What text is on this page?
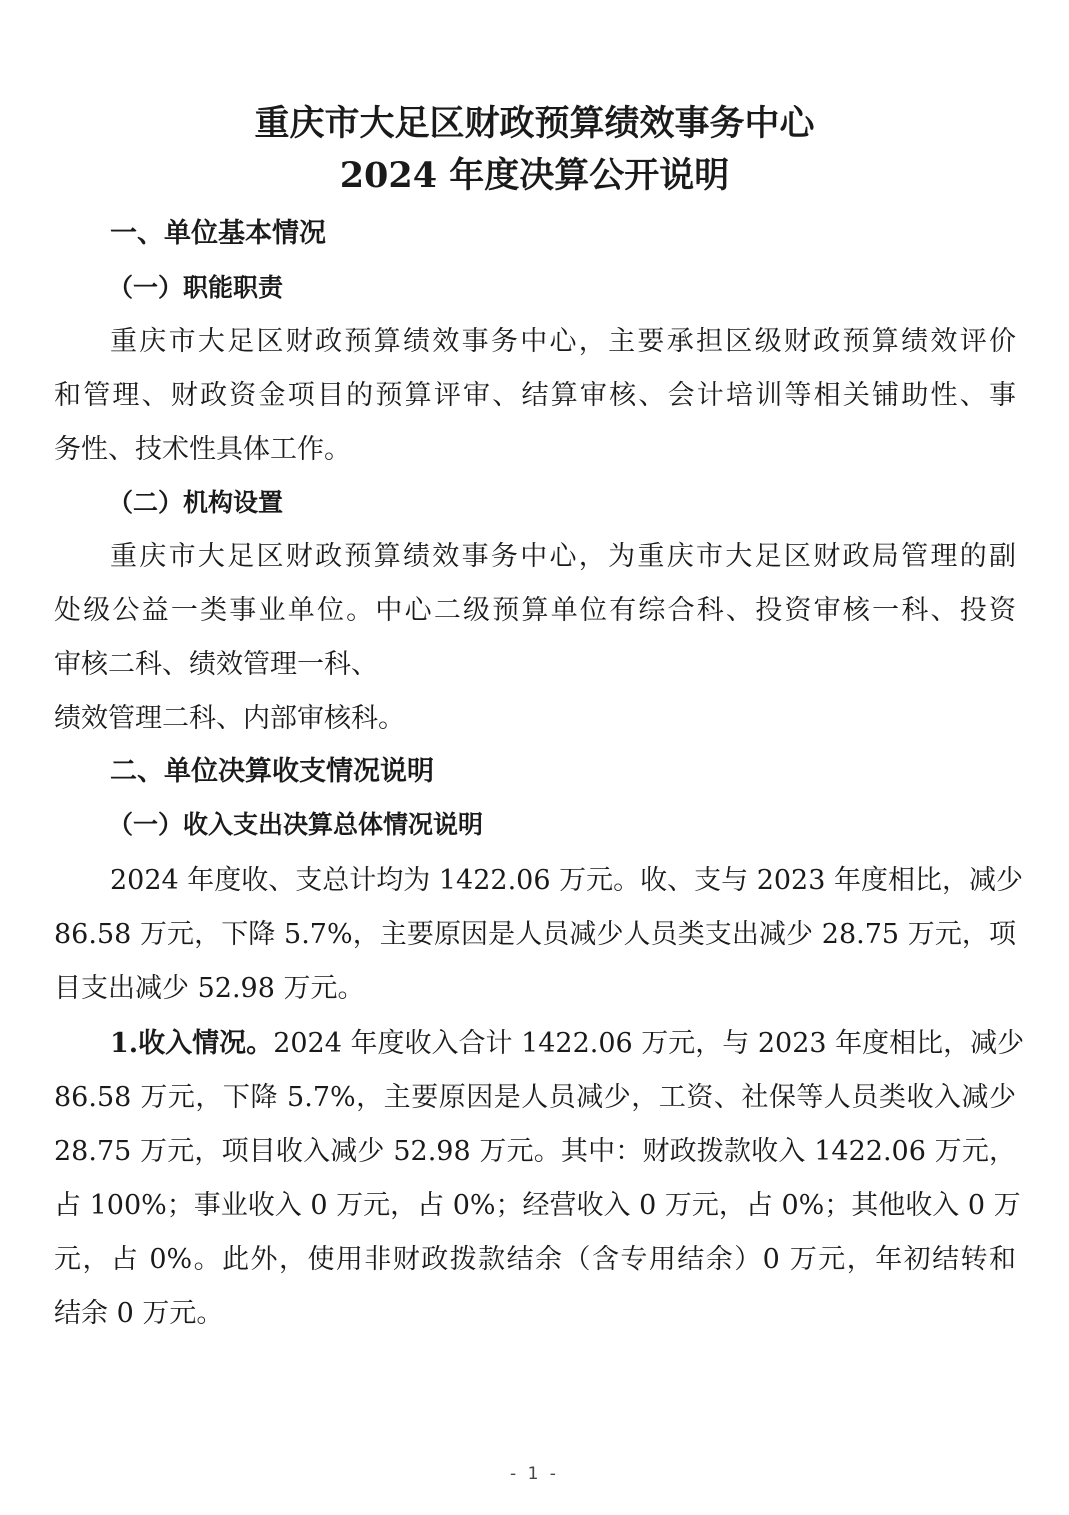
重庆市大足区财政预算绩效事务中心
2024 年度决算公开说明
一、单位基本情况
（一）职能职责
重庆市大足区财政预算绩效事务中心，主要承担区级财政预算绩效评价
和管理、财政资金项目的预算评审、结算审核、会计培训等相关铺助性、事
务性、技术性具体工作。
（二）机构设置
重庆市大足区财政预算绩效事务中心，为重庆市大足区财政局管理的副
处级公益一类事业单位。中心二级预算单位有综合科、投资审核一科、投资
审核二科、绩效管理一科、
绩效管理二科、内部审核科。
二、单位决算收支情况说明
（一）收入支出决算总体情况说明
2024 年度收、支总计均为 1422.06 万元。收、支与 2023 年度相比，减少
86.58 万元，下降 5.7%，主要原因是人员减少人员类支出减少 28.75 万元，项
目支出减少 52.98 万元。
1.收入情况。2024 年度收入合计 1422.06 万元，与 2023 年度相比，减少
86.58 万元，下降 5.7%，主要原因是人员减少，工资、社保等人员类收入减少
28.75 万元，项目收入减少 52.98 万元。其中：财政拨款收入 1422.06 万元，
占 100%；事业收入 0 万元，占 0%；经营收入 0 万元，占 0%；其他收入 0 万
元，占 0%。此外，使用非财政拨款结余（含专用结余）0 万元，年初结转和
结余 0 万元。
- 1 -
